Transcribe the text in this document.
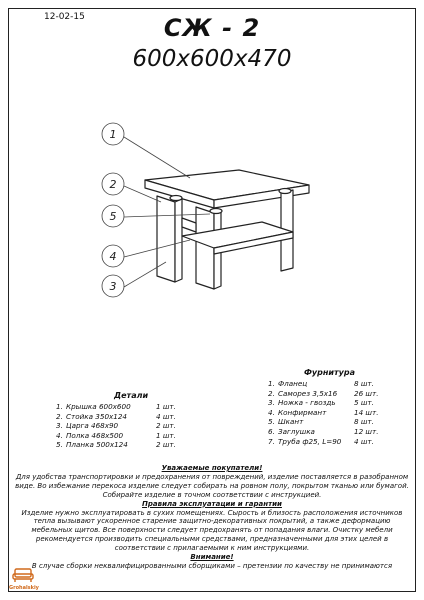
12-02-15	СЖ - 2
600x600x470
1
2
5
4
3
Детали
1. Крышка 600х600	1 шт.
2. Стойка 350х124	4 шт.
3. Царга 468х90	2 шт.
4. Полка 468х500	1 шт.
5. Планка 500х124	2 шт.
Фурнитура
1. Фланец	8 шт.
2. Саморез 3,5х16 26 шт.
3. Ножка - гвоздь	5 шт.
4. Конфирмант	14 шт.
5. Шкант	8 шт.
6. Заглушка	12 шт.
7. Труба ф25, L=90 4 шт.
Уважаемые покупатели!
Для удобства транспортировки и предохранения от повреждений, изделие поставляется в разобранном виде. Во избежание перекоса изделие следует собирать на ровном полу, покрытом тканью или бумагой. Собирайте изделие в точном соответствии с инструкцией.
Правила эксплуатации и гарантии
Изделие нужно эксплуатировать в сухих помещениях. Сырость и близость расположения источников тепла вызывают ускоренное старение защитно-декоративных покрытий, а также деформацию мебельных щитов. Все поверхности следует предохранять от попадания влаги. Очистку мебели рекомендуется производить специальными средствами, предназначенными для этих целей в соответствии с прилагаемыми к ним инструкциями.
Внимание!
В случае сборки неквалифицированными сборщиками – претензии по качеству не принимаются
Grohalskiy
